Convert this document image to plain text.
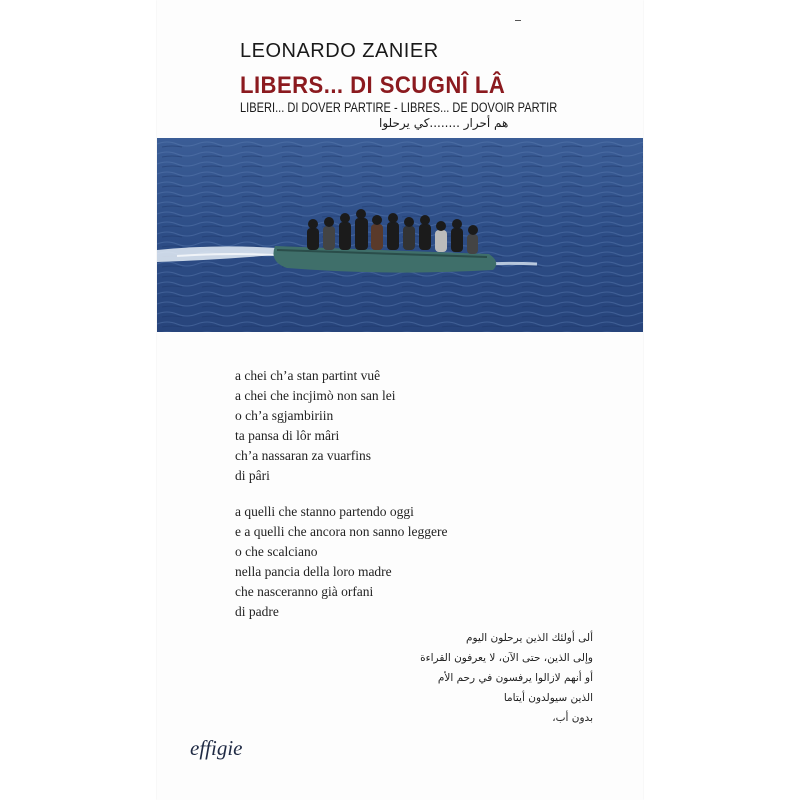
LEONARDO ZANIER
LIBERS... DI SCUGNÎ LÂ
LIBERI... DI DOVER PARTIRE - LIBRES... DE DOVOIR PARTIR
هم أحرار ........كي يرحلوا
a chei ch’a stan partint vuê
a chei che incjimò non san lei
o ch’a sgjambiriin
ta pansa di lôr mâri
ch’a nassaran za vuarfins
di pâri
a quelli che stanno partendo oggi
e a quelli che ancora non sanno leggere
o che scalciano
nella pancia della loro madre
che nasceranno già orfani
di padre
ألى أولئك الذين يرحلون اليوم
وإلى الذين، حتى الآن، لا يعرفون القراءة
أو أنهم لازالوا يرفسون في رحم الأم
الذين سيولدون أيتاما
بدون أب،
effigie
